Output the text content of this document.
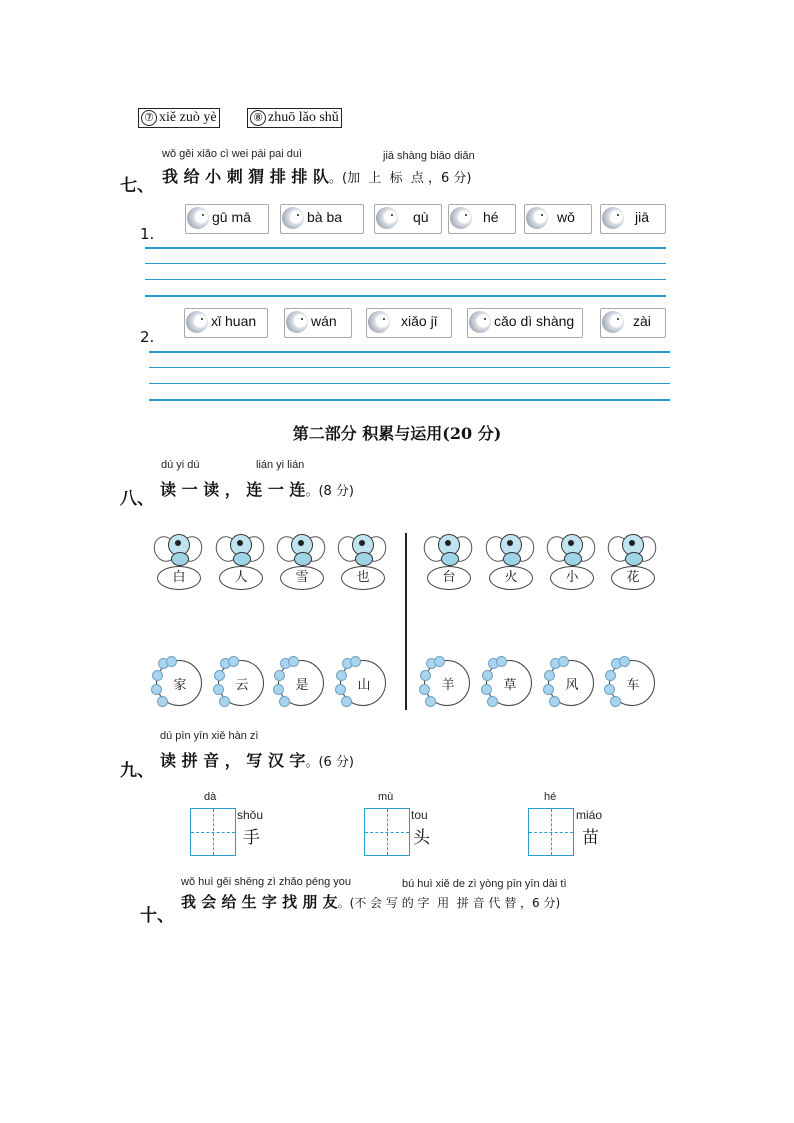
⑦ xiě zuò yè	⑧ zhuō lǎo shǔ
wǒ gěi xiǎo cì wei pái pai duì	jiā shàng biāo diǎn
七、 我 给 小 刺 猬 排 排 队。(加  上  标  点 ，6 分)
1.
gū mā	bà ba	qù	hé	wǒ	jiā
2.
xǐ huan	wán	xiǎo jī	cǎo dì shàng	zài
第二部分 积累与运用(20 分)
dú yi dú	lián yi lián
八、 读 一 读 ， 连 一 连。(8 分)
白	人	雪	也	台	火	小	花
家	云	是	山	羊	草	风	车
dú pīn yīn xiě hàn zì
九、
读 拼 音 ， 写 汉 字。(6 分)
dà
shǒu
手
mù
tou
头
hé
miáo
苗
wǒ huì gěi shēng zì zhǎo péng you	bú huì xiě de zì yòng pīn yīn dài tì
十、
我 会 给 生 字 找 朋 友。(不 会 写 的 字  用  拼 音 代 替 ，6 分)
